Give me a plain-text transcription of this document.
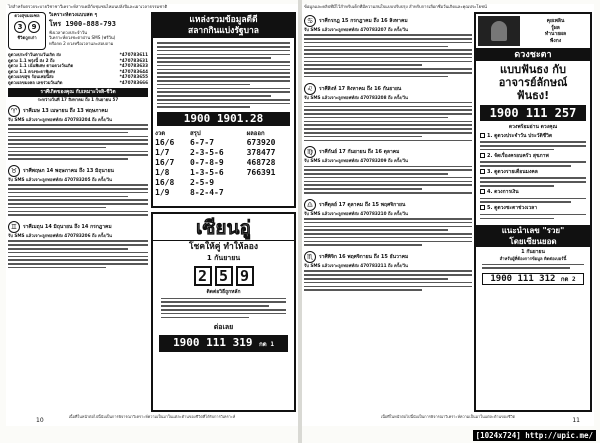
ไล่สำหรับตรวจระบายวิชาชาวีเคราะห์สารเคมีกับชุมชนไหมนปลังปีและเผาเวลาธรรมชาติ
ดวงสุขมณฑล
3	9
ชีวิตถูกเก่า
วิเคราะห์ดวงแบบสด ๆ
โทร 1900-888-793
ฟังเวลาดวงประจำวัน
วิเคราะห์ดวงชะตาผ่าน SMS (ฟรีวัน)
หรือกด 2 ดวงหรือเวลาและสอบถาม
ดูดวงประจำวันตามวันเกิด ส่ง	*470783611
ดูดวง 1.1 พรุ่งนี้ ส่ง 2 ถึง	*470783631
ดูดวง 1.1 เน้นพิเศษ ตามดวงวันเกิด	*470783633
ดูดวง 1.1 ตรงชะตาพิเศษ	*470783644
ดูดวงเลขสุข ร้อนเฟอนี้ส่ง	*470783655
ดูดวงเลขมงคล เลขร่วมวันเกิด	*470783666
ราศีเกิดของคุณ กับเหมาะใจสิ-ชีวิต
ระหว่างวันที่ 17 สิงหาคม ถึง 1 กันยายน 57
♈	ราศีเมษ 13 เมษายน ถึง 13 พฤษภาคม
รับ SMS แล้วเจาะลูกทอฟท์ส่ง 470783204 ถึง ครั้ง/วัน
♉	ราศีพฤษภ 14 พฤษภาคม ถึง 13 มิถุนายน
รับ SMS แล้วเจาะลูกทอฟท์ส่ง 470783205 ถึง ครั้ง/วัน
♊	ราศีเมถุน 14 มิถุนายน ถึง 14 กรกฎาคม
รับ SMS แล้วเจาะลูกทอฟท์ส่ง 470783206 ถึง ครั้ง/วัน
แหล่งรวมข้อมูลดีดี
สลากกินแบ่งรัฐบาล
1900 1901.28
งวด	สรุป	ผลออก
16/6	6-7-7	673920
1/7	2-3-5-6	378477
16/7	0-7-8-9	468728
1/8	1-3-5-6	766391
16/8	2-5-9	
1/9	8-2-4-7	
เซียนอู่
โชคให้คู่ ทำให้ลอง
1 กันยายน
2 5 9
ติดต่อวิธีถูกหลัก
ต่อเลย
1900 111 319 กด 1
เนื้อที่ในหน้าต่อไปนี้นับเป็นการพิจารณาวิเคราะห์ความเป็นมาในแต่ละด้านของชีวิตที่ได้รับการวิเคราะห์
10
ข้อมูลและคลิปที่มีไว้สำหรับเด็กที่มีความสนใจแบบปรับปรุง สำหรับการเลือกชื่อวันเกิดและคุณประโยชน์
♋	ราศีกรกฎ 15 กรกฎาคม ถึง 16 สิงหาคม
รับ SMS แล้วเจาะลูกทอฟท์ส่ง 470783207 ถึง ครั้ง/วัน
♌	ราศีสิงห์ 17 สิงหาคม ถึง 16 กันยายน
รับ SMS แล้วเจาะลูกทอฟท์ส่ง 470783208 ถึง ครั้ง/วัน
♍	ราศีกันย์ 17 กันยายน ถึง 16 ตุลาคม
รับ SMS แล้วเจาะลูกทอฟท์ส่ง 470783209 ถึง ครั้ง/วัน
♎	ราศีตุลย์ 17 ตุลาคม ถึง 15 พฤศจิกายน
รับ SMS แล้วเจาะลูกทอฟท์ส่ง 470783210 ถึง ครั้ง/วัน
♏	ราศีพิจิก 16 พฤศจิกายน ถึง 15 ธันวาคม
รับ SMS แล้วเจาะลูกทอฟท์ส่ง 470783211 ถึง ครั้ง/วัน
คุยเพลิน
รู้ผล
ทำนายผล
ฟังกง
ดวงชะตา
แบบฟันธง กับ
อาจารย์ลักษณ์
ฟันธง!
1900 111 257
ดวงพร้อมอ่าน ดวงคุณ
1. ดูดวงประจำวัน ประวัติชีวิต
2. จัดเรื่องครอบครัว สุขภาพ
3. ดูดวงรายเดือนมงคล
4. ดวงการเงิน
5. ดูดวงชะตาช่วงเวลา
แนะนำเลข "รวย"
โดยเซียนยอด
1 กันยายน
สำหรับผู้ที่ต้องการข้อมูล ติดต่อเบอร์นี้
1900 111 312 กด 2
เนื้อที่ในหน้าต่อไปนี้นับเป็นการพิจารณาวิเคราะห์ความเป็นมาในแต่ละด้านของชีวิต
11
[1024x724] http://upic.me/
